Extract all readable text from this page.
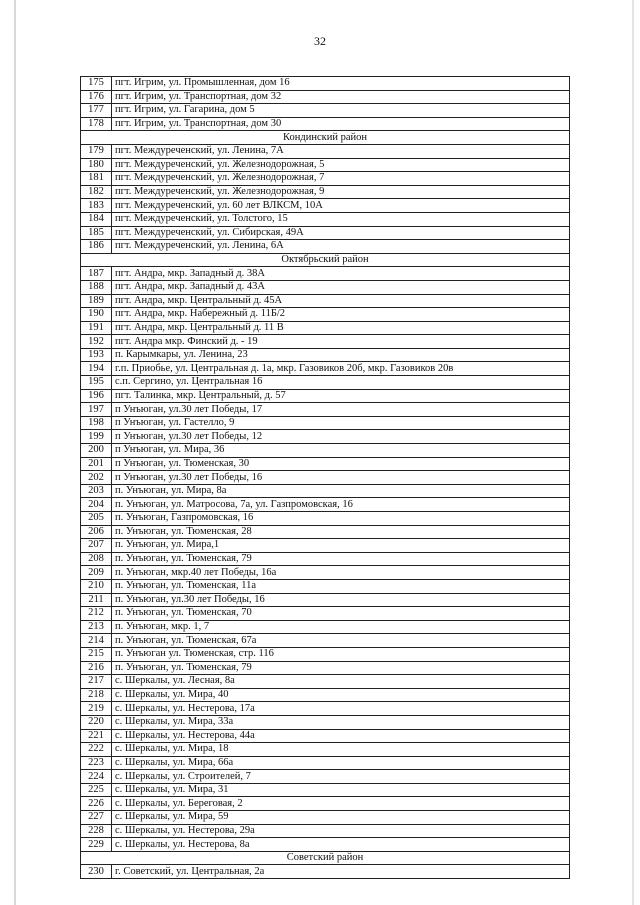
32
175	пгт. Игрим, ул. Промышленная, дом 16
176	пгт. Игрим, ул. Транспортная, дом 32
177	пгт. Игрим, ул. Гагарина, дом 5
178	пгт. Игрим, ул. Транспортная, дом 30
Кондинский район	
179	пгт. Междуреченский, ул. Ленина, 7А
180	пгт. Междуреченский, ул. Железнодорожная, 5
181	пгт. Междуреченский, ул. Железнодорожная, 7
182	пгт. Междуреченский, ул. Железнодорожная, 9
183	пгт. Междуреченский, ул. 60 лет ВЛКСМ, 10А
184	пгт. Междуреченский, ул. Толстого, 15
185	пгт. Междуреченский, ул. Сибирская, 49А
186	пгт. Междуреченский, ул. Ленина, 6А
Октябрьский район	
187	пгт. Андра, мкр. Западный д. 38А
188	пгт. Андра, мкр. Западный д. 43А
189	пгт. Андра, мкр. Центральный д. 45А
190	пгт. Андра, мкр. Набережный д. 11Б/2
191	пгт. Андра, мкр. Центральный д. 11 В
192	пгт. Андра мкр. Финский д. - 19
193	п. Карымкары, ул. Ленина, 23
194	г.п. Приобье, ул. Центральная д. 1а, мкр. Газовиков 20б, мкр. Газовиков 20в
195	с.п. Сергино, ул. Центральная 16
196	пгт. Талинка, мкр. Центральный, д. 57
197	п Унъюган, ул.30 лет Победы, 17
198	п Унъюган, ул. Гастелло, 9
199	п Унъюган, ул.30 лет Победы, 12
200	п Унъюган, ул. Мира, 36
201	п Унъюган, ул. Тюменская, 30
202	п Унъюган, ул.30 лет Победы, 16
203	п. Унъюган, ул. Мира, 8а
204	п. Унъюган, ул. Матросова, 7а, ул. Газпромовская, 16
205	п. Унъюган, Газпромовская, 16
206	п. Унъюган, ул. Тюменская, 28
207	п. Унъюган, ул. Мира,1
208	п. Унъюган, ул. Тюменская, 79
209	п. Унъюган, мкр.40 лет Победы, 16а
210	п. Унъюган, ул. Тюменская, 11а
211	п. Унъюган, ул.30 лет Победы, 16
212	п. Унъюган, ул. Тюменская, 70
213	п. Унъюган, мкр. 1, 7
214	п. Унъюган, ул. Тюменская, 67а
215	п. Унъюган ул. Тюменская, стр. 116
216	п. Унъюган, ул. Тюменская, 79
217	с. Шеркалы, ул. Лесная, 8а
218	с. Шеркалы, ул. Мира, 40
219	с. Шеркалы, ул. Нестерова, 17а
220	с. Шеркалы, ул. Мира, 33а
221	с. Шеркалы, ул. Нестерова, 44а
222	с. Шеркалы, ул. Мира, 18
223	с. Шеркалы, ул. Мира, 66а
224	с. Шеркалы, ул. Строителей, 7
225	с. Шеркалы, ул. Мира, 31
226	с. Шеркалы, ул. Береговая, 2
227	с. Шеркалы, ул. Мира, 59
228	с. Шеркалы, ул. Нестерова, 29а
229	с. Шеркалы, ул. Нестерова, 8а
Советский район	
230	г. Советский, ул. Центральная, 2а
